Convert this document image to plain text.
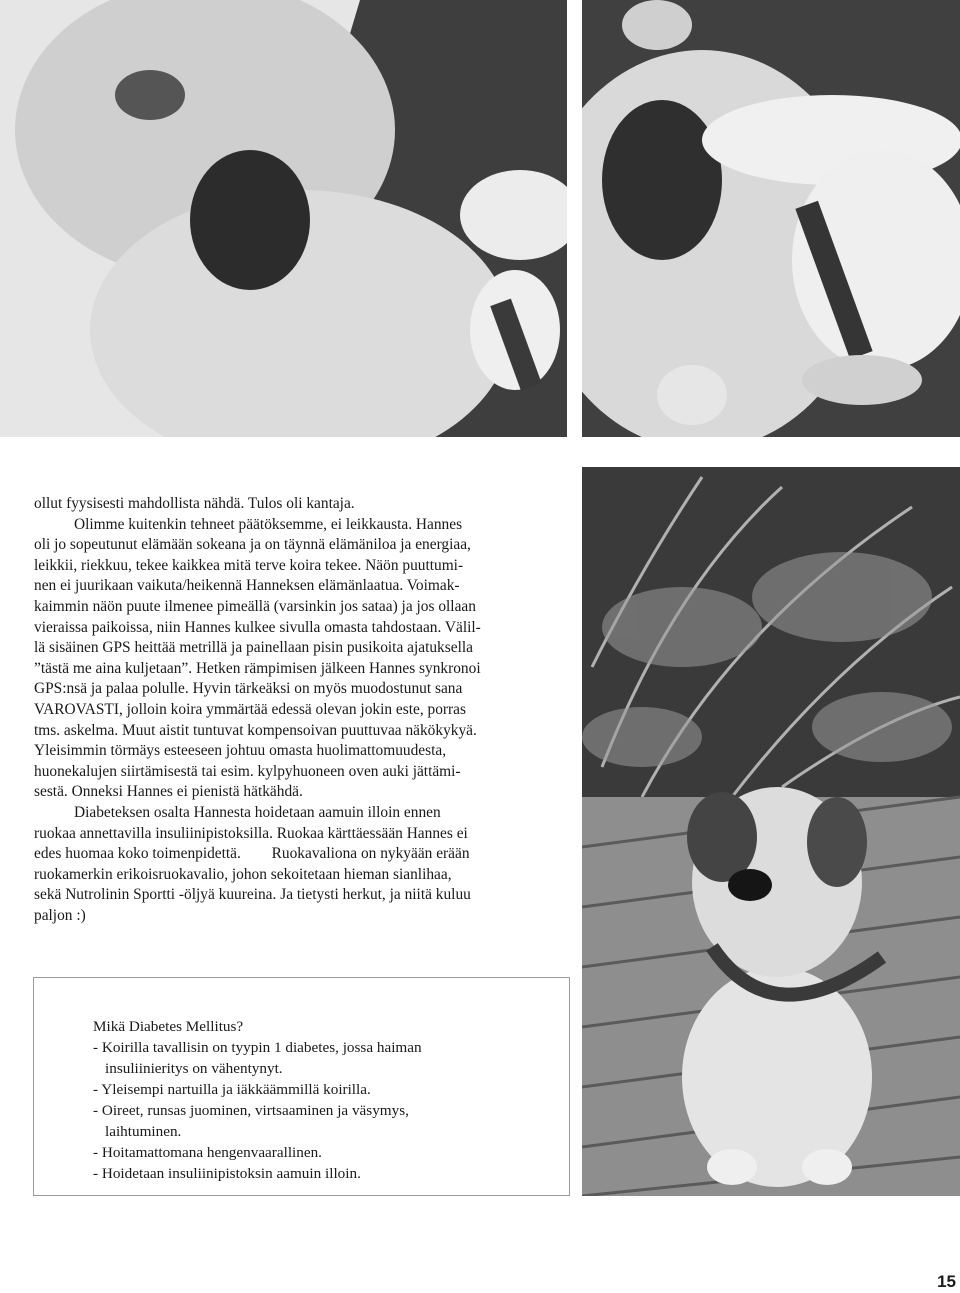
ollut fyysisesti mahdollista nähdä. Tulos oli kantaja.

Olimme kuitenkin tehneet päätöksemme, ei leikkausta. Hannes

oli jo sopeutunut elämään sokeana ja on täynnä elämäniloa ja energiaa,

leikkii, riekkuu, tekee kaikkea mitä terve koira tekee. Näön puuttumi-

nen ei juurikaan vaikuta/heikennä Hanneksen elämänlaatua. Voimak-

kaimmin näön puute ilmenee pimeällä (varsinkin jos sataa) ja jos ollaan

vieraissa paikoissa, niin Hannes kulkee sivulla omasta tahdostaan. Välil-

lä sisäinen GPS heittää metrillä ja painellaan pisin pusikoita ajatuksella

”tästä me aina kuljetaan”. Hetken rämpimisen jälkeen Hannes synkronoi

GPS:nsä ja palaa polulle. Hyvin tärkeäksi on myös muodostunut sana

VAROVASTI, jolloin koira ymmärtää edessä olevan jokin este, porras

tms. askelma. Muut aistit tuntuvat kompensoivan puuttuvaa näkökykyä.

Yleisimmin törmäys esteeseen johtuu omasta huolimattomuudesta,

huonekalujen siirtämisestä tai esim. kylpyhuoneen oven auki jättämi-

sestä. Onneksi Hannes ei pienistä hätkähdä.

Diabeteksen osalta Hannesta hoidetaan aamuin illoin ennen

ruokaa annettavilla insuliinipistoksilla. Ruokaa kärttäessään Hannes ei

edes huomaa koko toimenpidettä.        Ruokavaliona on nykyään erään

ruokamerkin erikoisruokavalio, johon sekoitetaan hieman sianlihaa,

sekä Nutrolinin Sportti -öljyä kuureina. Ja tietysti herkut, ja niitä kuluu

paljon :)

Mikä Diabetes Mellitus?

- Koirilla tavallisin on tyypin 1 diabetes, jossa haiman

insuliinieritys on vähentynyt.

- Yleisempi nartuilla ja iäkkäämmillä koirilla.

- Oireet, runsas juominen, virtsaaminen ja väsymys,

laihtuminen.

- Hoitamattomana hengenvaarallinen.

- Hoidetaan insuliinipistoksin aamuin illoin.

15
